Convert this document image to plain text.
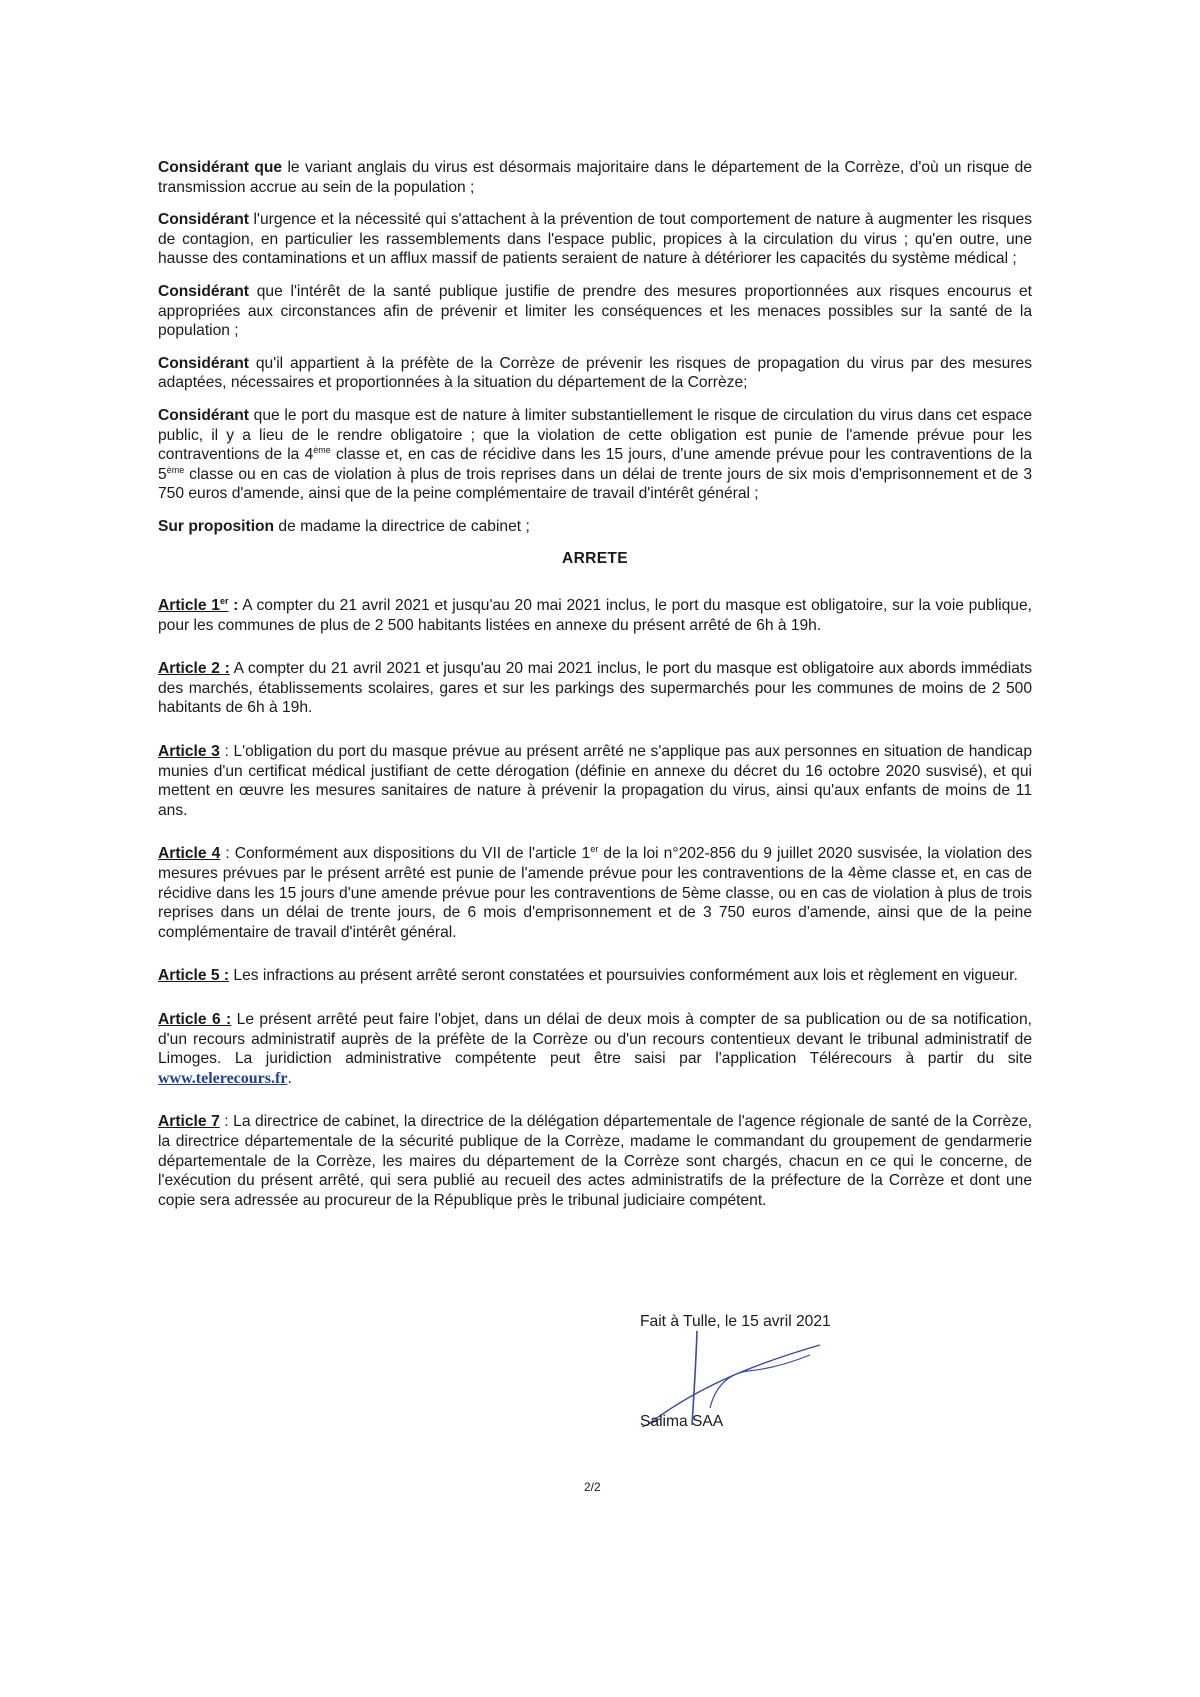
Considérant que le variant anglais du virus est désormais majoritaire dans le département de la Corrèze, d'où un risque de transmission accrue au sein de la population ;

Considérant l'urgence et la nécessité qui s'attachent à la prévention de tout comportement de nature à augmenter les risques de contagion, en particulier les rassemblements dans l'espace public, propices à la circulation du virus ; qu'en outre, une hausse des contaminations et un afflux massif de patients seraient de nature à détériorer les capacités du système médical ;

Considérant que l'intérêt de la santé publique justifie de prendre des mesures proportionnées aux risques encourus et appropriées aux circonstances afin de prévenir et limiter les conséquences et les menaces possibles sur la santé de la population ;

Considérant qu'il appartient à la préfète de la Corrèze de prévenir les risques de propagation du virus par des mesures adaptées, nécessaires et proportionnées à la situation du département de la Corrèze;

Considérant que le port du masque est de nature à limiter substantiellement le risque de circulation du virus dans cet espace public, il y a lieu de le rendre obligatoire ; que la violation de cette obligation est punie de l'amende prévue pour les contraventions de la 4ème classe et, en cas de récidive dans les 15 jours, d'une amende prévue pour les contraventions de la 5ème classe ou en cas de violation à plus de trois reprises dans un délai de trente jours de six mois d'emprisonnement et de 3 750 euros d'amende, ainsi que de la peine complémentaire de travail d'intérêt général ;

Sur proposition de madame la directrice de cabinet ;

ARRETE

Article 1er : A compter du 21 avril 2021 et jusqu'au 20 mai 2021 inclus, le port du masque est obligatoire, sur la voie publique, pour les communes de plus de 2 500 habitants listées en annexe du présent arrêté de 6h à 19h.

Article 2 : A compter du 21 avril 2021 et jusqu'au 20 mai 2021 inclus, le port du masque est obligatoire aux abords immédiats des marchés, établissements scolaires, gares et sur les parkings des supermarchés pour les communes de moins de 2 500 habitants de 6h à 19h.

Article 3 : L'obligation du port du masque prévue au présent arrêté ne s'applique pas aux personnes en situation de handicap munies d'un certificat médical justifiant de cette dérogation (définie en annexe du décret du 16 octobre 2020 susvisé), et qui mettent en œuvre les mesures sanitaires de nature à prévenir la propagation du virus, ainsi qu'aux enfants de moins de 11 ans.

Article 4 : Conformément aux dispositions du VII de l'article 1er de la loi n°202-856 du 9 juillet 2020 susvisée, la violation des mesures prévues par le présent arrêté est punie de l'amende prévue pour les contraventions de la 4ème classe et, en cas de récidive dans les 15 jours d'une amende prévue pour les contraventions de 5ème classe, ou en cas de violation à plus de trois reprises dans un délai de trente jours, de 6 mois d'emprisonnement et de 3 750 euros d'amende, ainsi que de la peine complémentaire de travail d'intérêt général.

Article 5 : Les infractions au présent arrêté seront constatées et poursuivies conformément aux lois et règlement en vigueur.

Article 6 : Le présent arrêté peut faire l'objet, dans un délai de deux mois à compter de sa publication ou de sa notification, d'un recours administratif auprès de la préfète de la Corrèze ou d'un recours contentieux devant le tribunal administratif de Limoges. La juridiction administrative compétente peut être saisi par l'application Télérecours à partir du site www.telerecours.fr.

Article 7 : La directrice de cabinet, la directrice de la délégation départementale de l'agence régionale de santé de la Corrèze, la directrice départementale de la sécurité publique de la Corrèze, madame le commandant du groupement de gendarmerie départementale de la Corrèze, les maires du département de la Corrèze sont chargés, chacun en ce qui le concerne, de l'exécution du présent arrêté, qui sera publié au recueil des actes administratifs de la préfecture de la Corrèze et dont une copie sera adressée au procureur de la République près le tribunal judiciaire compétent.

Fait à Tulle, le 15 avril 2021
Salima SAA
2/2
